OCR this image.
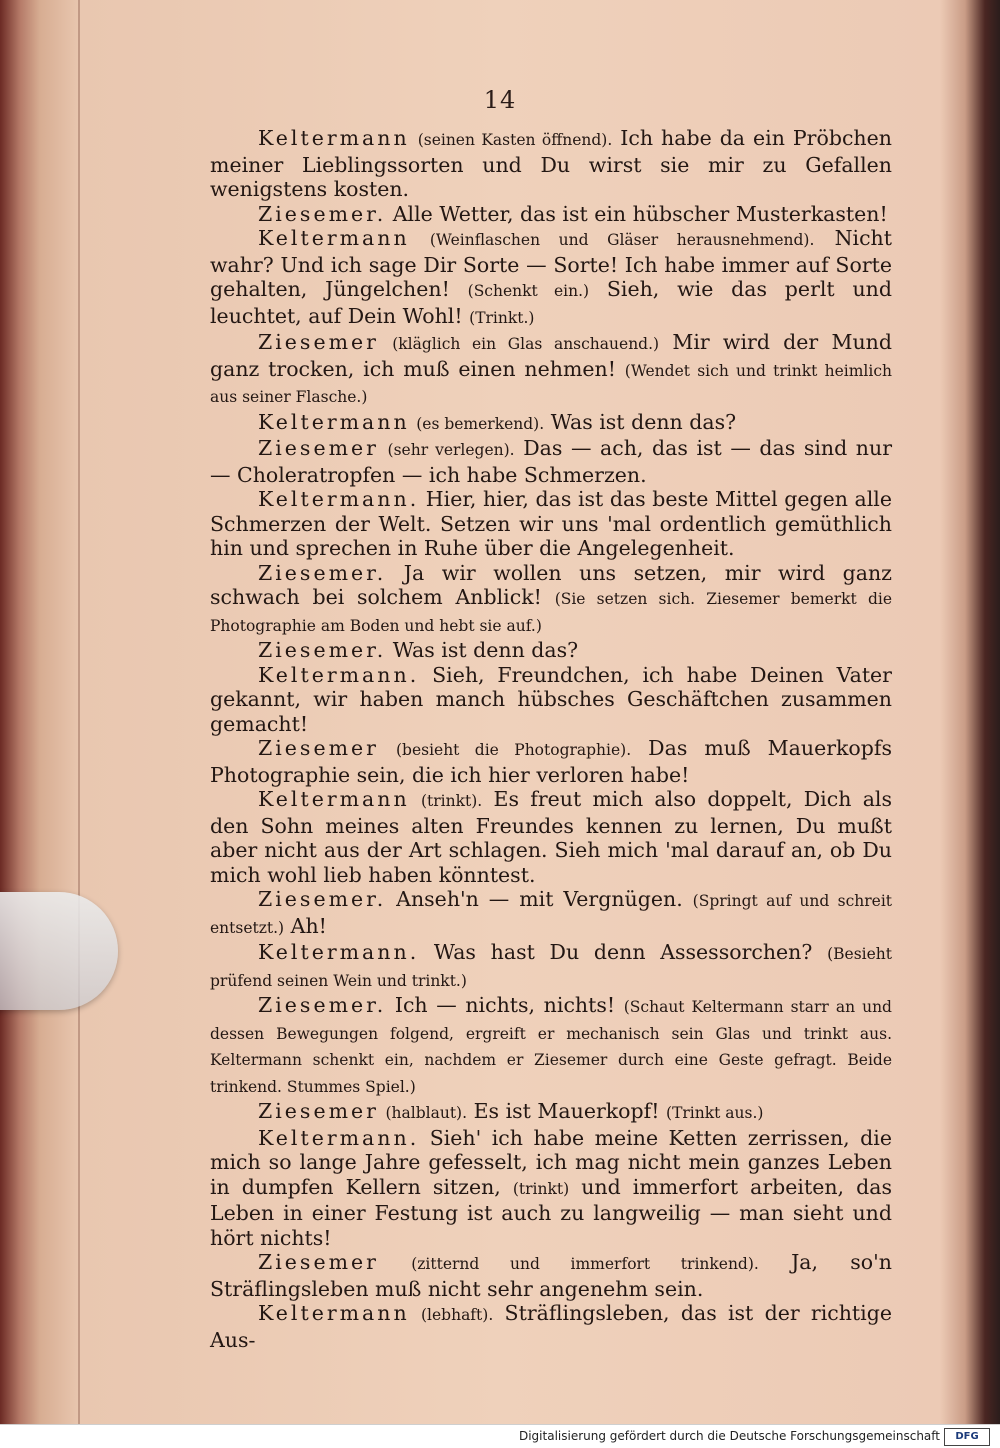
14

Keltermann (seinen Kasten öffnend). Ich habe da ein Pröbchen meiner Lieblingssorten und Du wirst sie mir zu Gefallen wenigstens kosten.

Ziesemer. Alle Wetter, das ist ein hübscher Musterkasten!

Keltermann (Weinflaschen und Gläser herausnehmend). Nicht wahr? Und ich sage Dir Sorte — Sorte! Ich habe immer auf Sorte gehalten, Jüngelchen! (Schenkt ein.) Sieh, wie das perlt und leuchtet, auf Dein Wohl! (Trinkt.)

Ziesemer (kläglich ein Glas anschauend.) Mir wird der Mund ganz trocken, ich muß einen nehmen! (Wendet sich und trinkt heimlich aus seiner Flasche.)

Keltermann (es bemerkend). Was ist denn das?

Ziesemer (sehr verlegen). Das — ach, das ist — das sind nur — Choleratropfen — ich habe Schmerzen.

Keltermann. Hier, hier, das ist das beste Mittel gegen alle Schmerzen der Welt. Setzen wir uns 'mal ordentlich gemüthlich hin und sprechen in Ruhe über die Angelegenheit.

Ziesemer. Ja wir wollen uns setzen, mir wird ganz schwach bei solchem Anblick! (Sie setzen sich. Ziesemer bemerkt die Photographie am Boden und hebt sie auf.)

Ziesemer. Was ist denn das?

Keltermann. Sieh, Freundchen, ich habe Deinen Vater gekannt, wir haben manch hübsches Geschäftchen zusammen gemacht!

Ziesemer (besieht die Photographie). Das muß Mauerkopfs Photographie sein, die ich hier verloren habe!

Keltermann (trinkt). Es freut mich also doppelt, Dich als den Sohn meines alten Freundes kennen zu lernen, Du mußt aber nicht aus der Art schlagen. Sieh mich 'mal darauf an, ob Du mich wohl lieb haben könntest.

Ziesemer. Anseh'n — mit Vergnügen. (Springt auf und schreit entsetzt.) Ah!

Keltermann. Was hast Du denn Assessorchen? (Besieht prüfend seinen Wein und trinkt.)

Ziesemer. Ich — nichts, nichts! (Schaut Keltermann starr an und dessen Bewegungen folgend, ergreift er mechanisch sein Glas und trinkt aus. Keltermann schenkt ein, nachdem er Ziesemer durch eine Geste gefragt. Beide trinkend. Stummes Spiel.)

Ziesemer (halblaut). Es ist Mauerkopf! (Trinkt aus.)

Keltermann. Sieh' ich habe meine Ketten zerrissen, die mich so lange Jahre gefesselt, ich mag nicht mein ganzes Leben in dumpfen Kellern sitzen, (trinkt) und immerfort arbeiten, das Leben in einer Festung ist auch zu langweilig — man sieht und hört nichts!

Ziesemer (zitternd und immerfort trinkend). Ja, so'n Sträflingsleben muß nicht sehr angenehm sein.

Keltermann (lebhaft). Sträflingsleben, das ist der richtige Aus-

Digitalisierung gefördert durch die Deutsche Forschungsgemeinschaft	DFG
